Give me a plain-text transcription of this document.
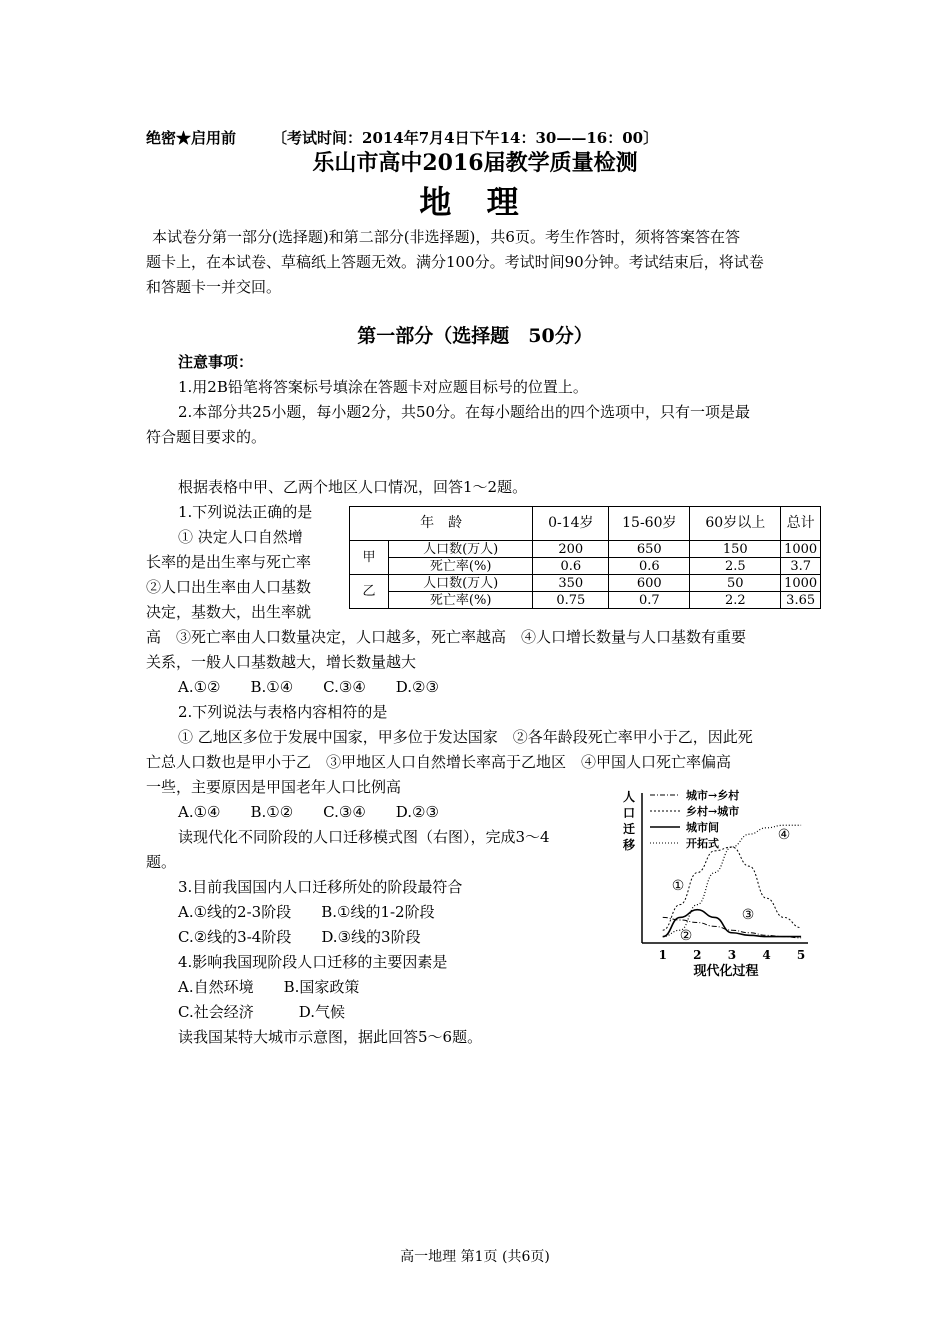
绝密★启用前 〔考试时间：2014年7月4日下午14：30——16：00〕
乐山市高中2016届教学质量检测
地 理
本试卷分第一部分(选择题)和第二部分(非选择题)，共6页。考生作答时，须将答案答在答
题卡上，在本试卷、草稿纸上答题无效。满分100分。考试时间90分钟。考试结束后，将试卷
和答题卡一并交回。
第一部分（选择题　50分）
注意事项：
1.用2B铅笔将答案标号填涂在答题卡对应题目标号的位置上。
2.本部分共25小题，每小题2分，共50分。在每小题给出的四个选项中，只有一项是最
符合题目要求的。
根据表格中甲、乙两个地区人口情况，回答1～2题。
1.下列说法正确的是
① 决定人口自然增
长率的是出生率与死亡率
②人口出生率由人口基数
决定，基数大，出生率就
高　③死亡率由人口数量决定，人口越多，死亡率越高　④人口增长数量与人口基数有重要
关系，一般人口基数越大，增长数量越大
A.①②　　B.①④　　C.③④　　D.②③
年　龄		0-14岁	15-60岁	60岁以上	总计
甲	人口数(万人)	200	650	150	1000
	死亡率(%)	0.6	0.6	2.5	3.7
乙	人口数(万人)	350	600	50	1000
	死亡率(%)	0.75	0.7	2.2	3.65
2.下列说法与表格内容相符的是
① 乙地区多位于发展中国家，甲多位于发达国家　②各年龄段死亡率甲小于乙，因此死
亡总人口数也是甲小于乙　③甲地区人口自然增长率高于乙地区　④甲国人口死亡率偏高
一些，主要原因是甲国老年人口比例高
A.①④　　B.①②　　C.③④　　D.②③
读现代化不同阶段的人口迁移模式图（右图），完成3～4
题。
3.目前我国国内人口迁移所处的阶段最符合
A.①线的2-3阶段　　B.①线的1-2阶段
C.②线的3-4阶段　　D.③线的3阶段
4.影响我国现阶段人口迁移的主要因素是
A.自然环境　　B.国家政策
C.社会经济　　　D.气候
读我国某特大城市示意图，据此回答5～6题。
人
口
迁
移
城市→乡村
乡村→城市
城市间
开拓式
1 2 3 4 5
①
②
③
④
现代化过程
高一地理 第1页 (共6页)
